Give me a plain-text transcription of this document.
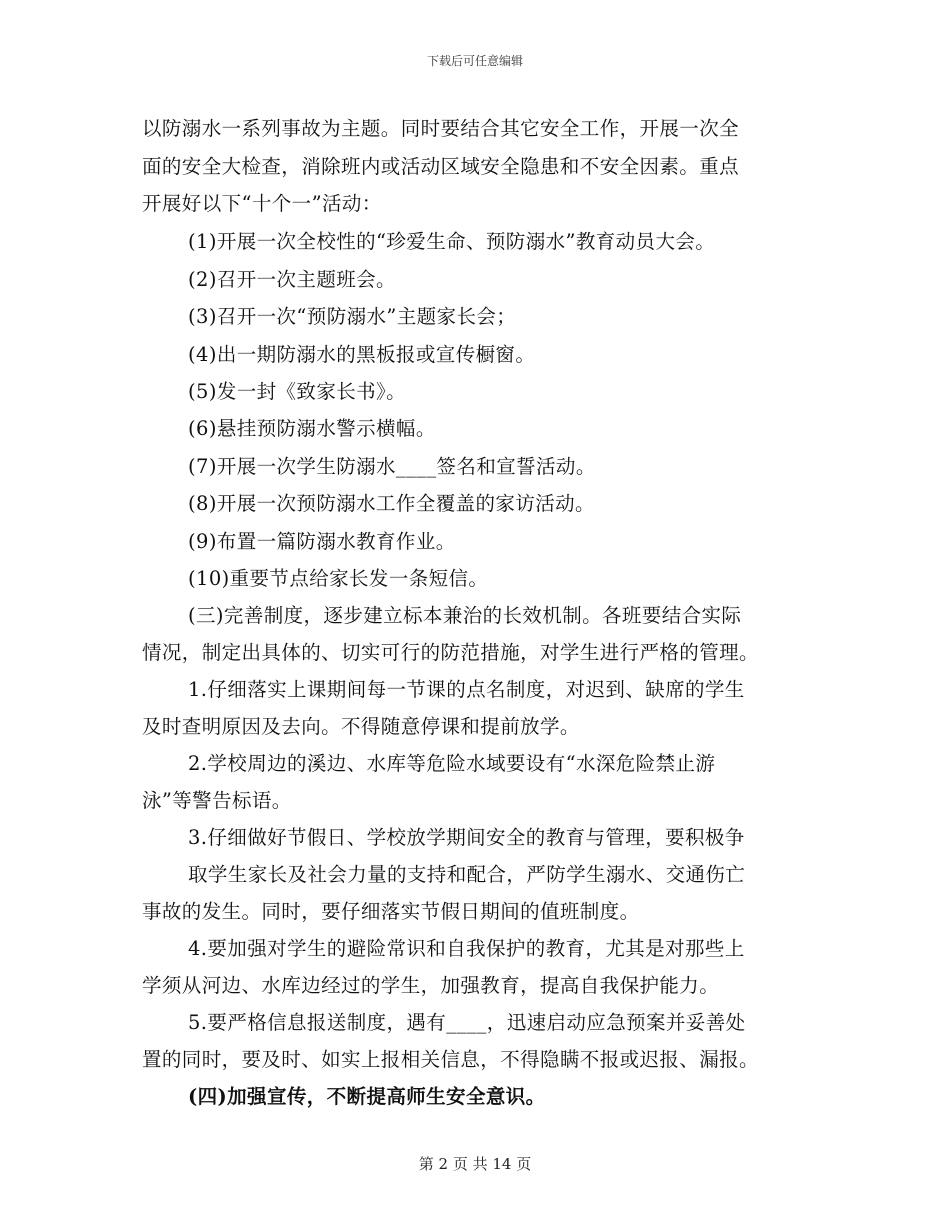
下载后可任意编辑
以防溺水一系列事故为主题。同时要结合其它安全工作，开展一次全
面的安全大检查，消除班内或活动区域安全隐患和不安全因素。重点
开展好以下“十个一”活动：
(1)开展一次全校性的“珍爱生命、预防溺水”教育动员大会。
(2)召开一次主题班会。
(3)召开一次“预防溺水”主题家长会；
(4)出一期防溺水的黑板报或宣传橱窗。
(5)发一封《致家长书》。
(6)悬挂预防溺水警示横幅。
(7)开展一次学生防溺水____签名和宣誓活动。
(8)开展一次预防溺水工作全覆盖的家访活动。
(9)布置一篇防溺水教育作业。
(10)重要节点给家长发一条短信。
(三)完善制度，逐步建立标本兼治的长效机制。各班要结合实际
情况，制定出具体的、切实可行的防范措施，对学生进行严格的管理。
1.仔细落实上课期间每一节课的点名制度，对迟到、缺席的学生
及时查明原因及去向。不得随意停课和提前放学。
2.学校周边的溪边、水库等危险水域要设有“水深危险禁止游
泳”等警告标语。
3.仔细做好节假日、学校放学期间安全的教育与管理，要积极争
取学生家长及社会力量的支持和配合，严防学生溺水、交通伤亡
事故的发生。同时，要仔细落实节假日期间的值班制度。
4.要加强对学生的避险常识和自我保护的教育，尤其是对那些上
学须从河边、水库边经过的学生，加强教育，提高自我保护能力。
5.要严格信息报送制度，遇有____，迅速启动应急预案并妥善处
置的同时，要及时、如实上报相关信息，不得隐瞒不报或迟报、漏报。
(四)加强宣传，不断提高师生安全意识。
第 2 页 共 14 页
